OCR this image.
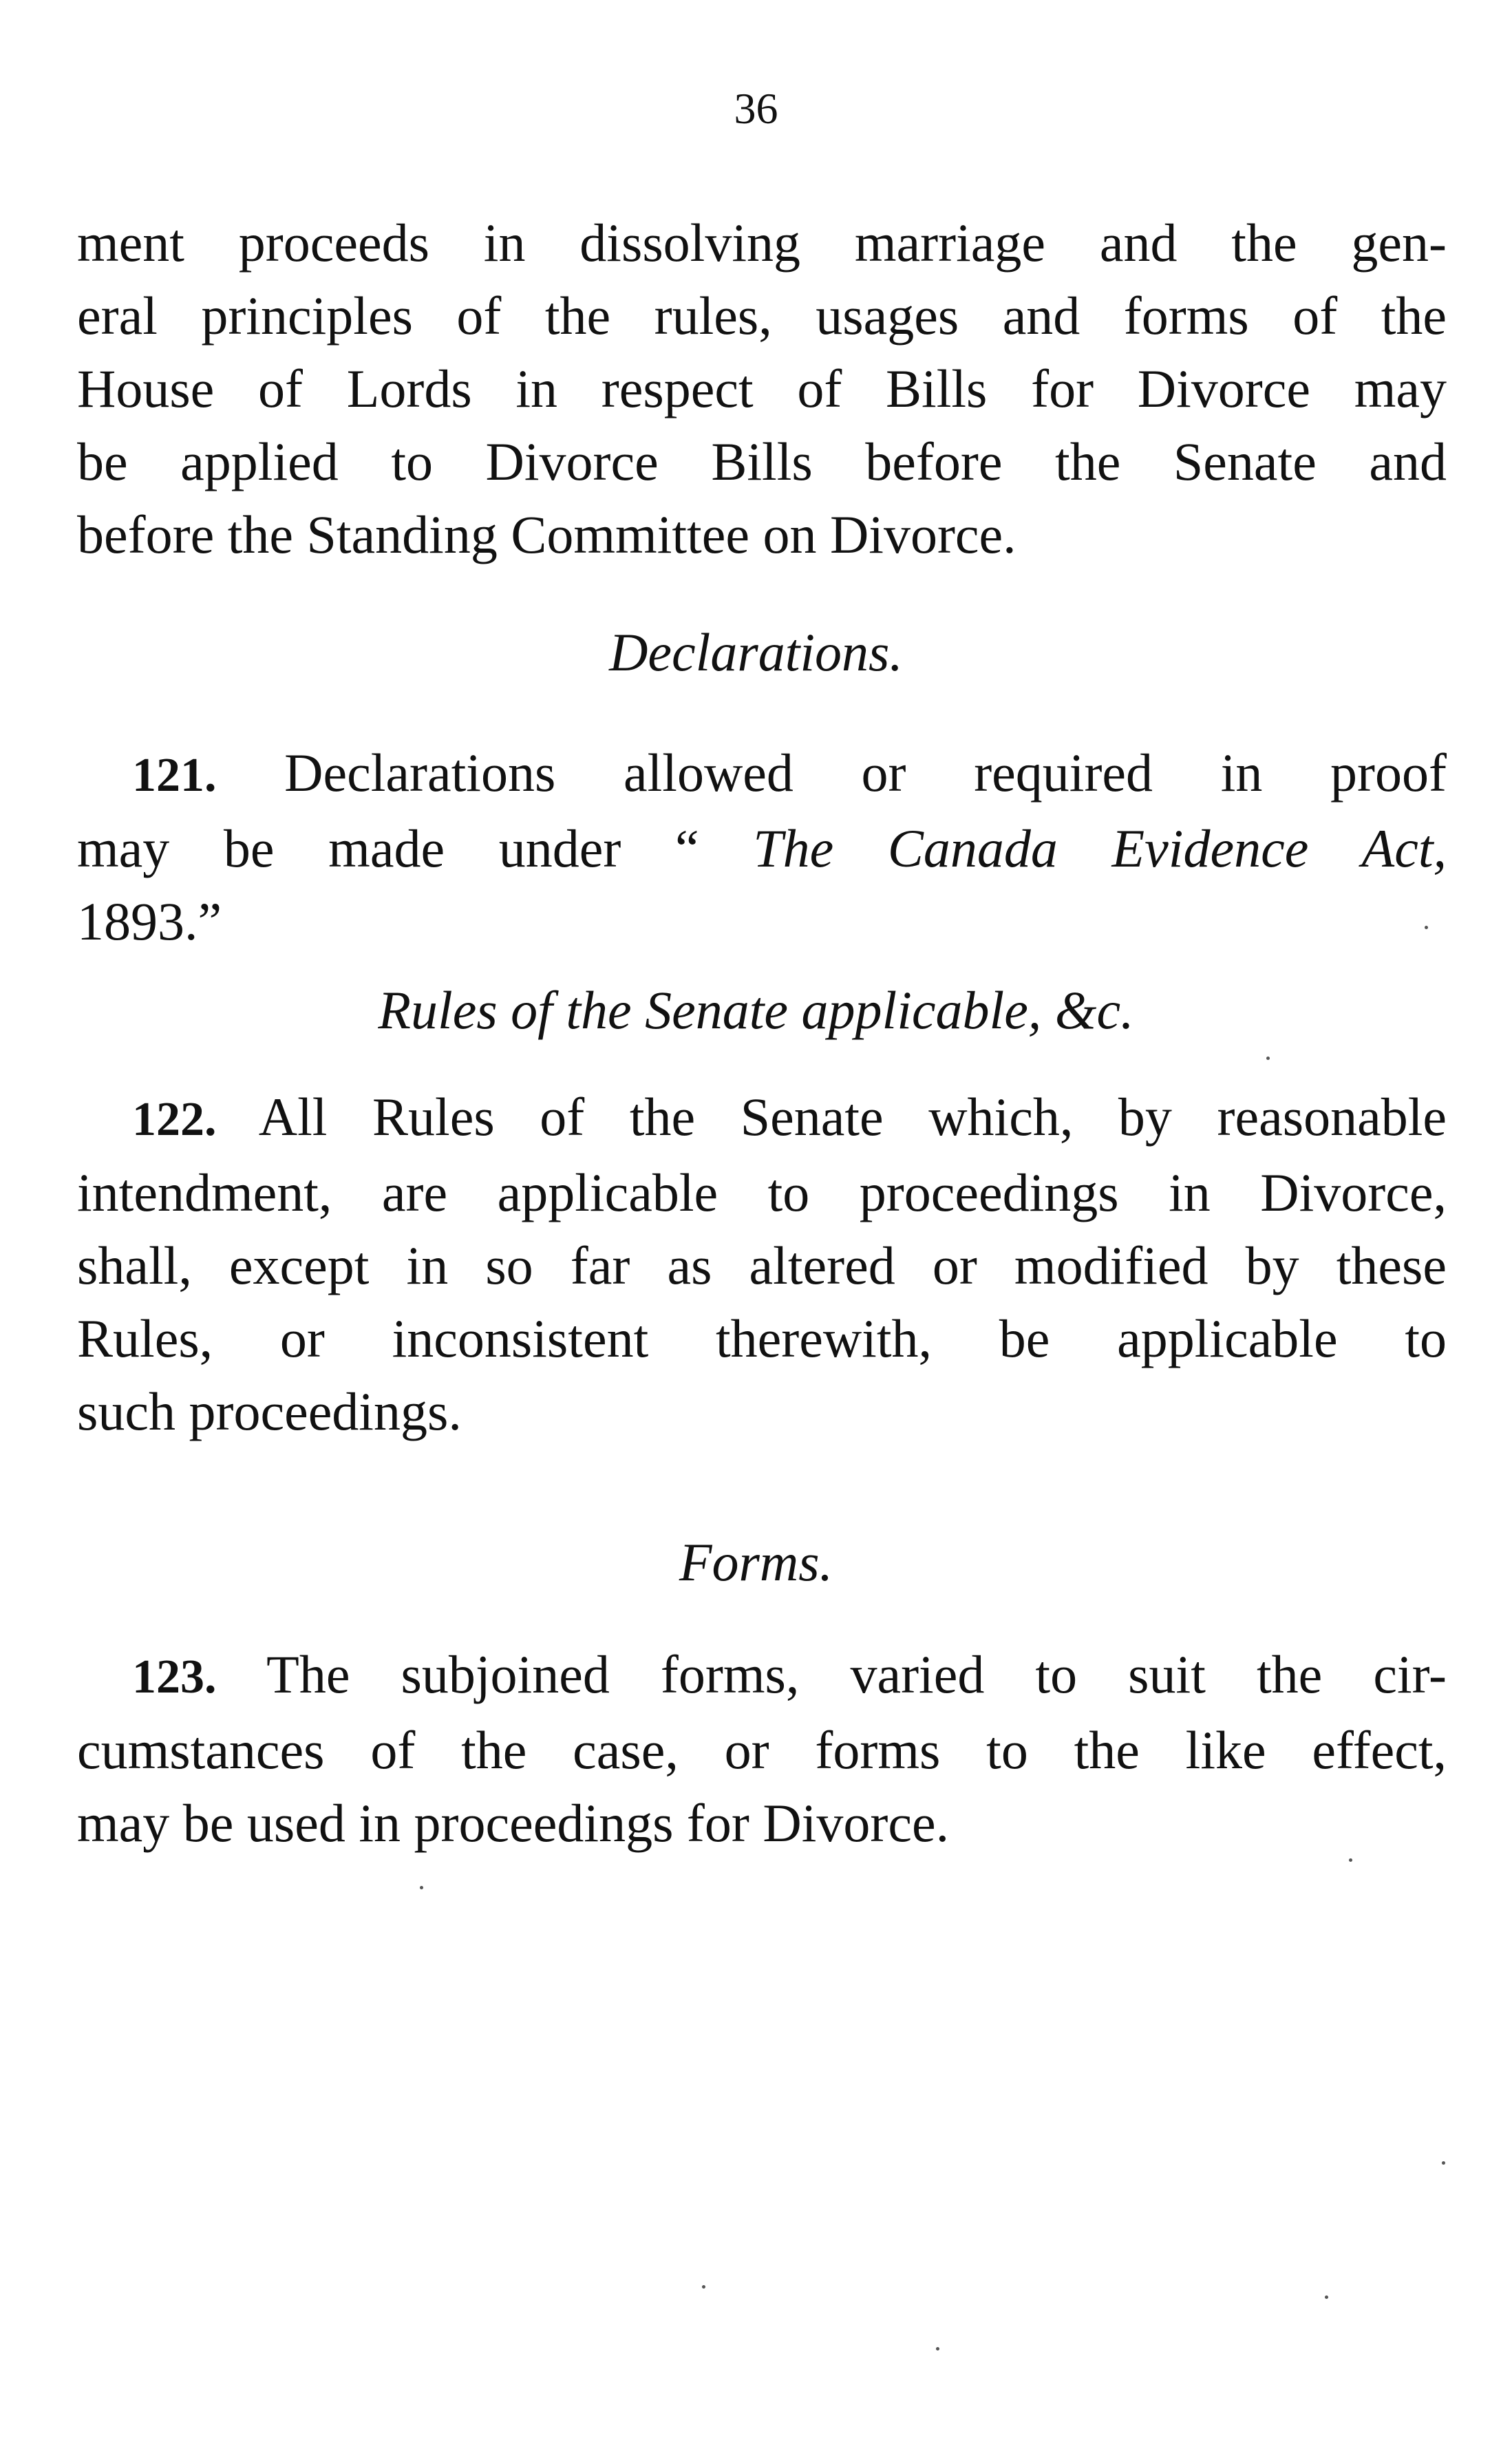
36
ment proceeds in dissolving marriage and the gen-
eral principles of the rules, usages and forms of the
House of Lords in respect of Bills for Divorce may
be applied to Divorce Bills before the Senate and
before the Standing Committee on Divorce.
Declarations.
121. Declarations allowed or required in proof
may be made under “ The Canada Evidence Act,
1893.”
Rules of the Senate applicable, &c.
122. All Rules of the Senate which, by reasonable
intendment, are applicable to proceedings in Divorce,
shall, except in so far as altered or modified by these
Rules, or inconsistent therewith, be applicable to
such proceedings.
Forms.
123. The subjoined forms, varied to suit the cir-
cumstances of the case, or forms to the like effect,
may be used in proceedings for Divorce.
